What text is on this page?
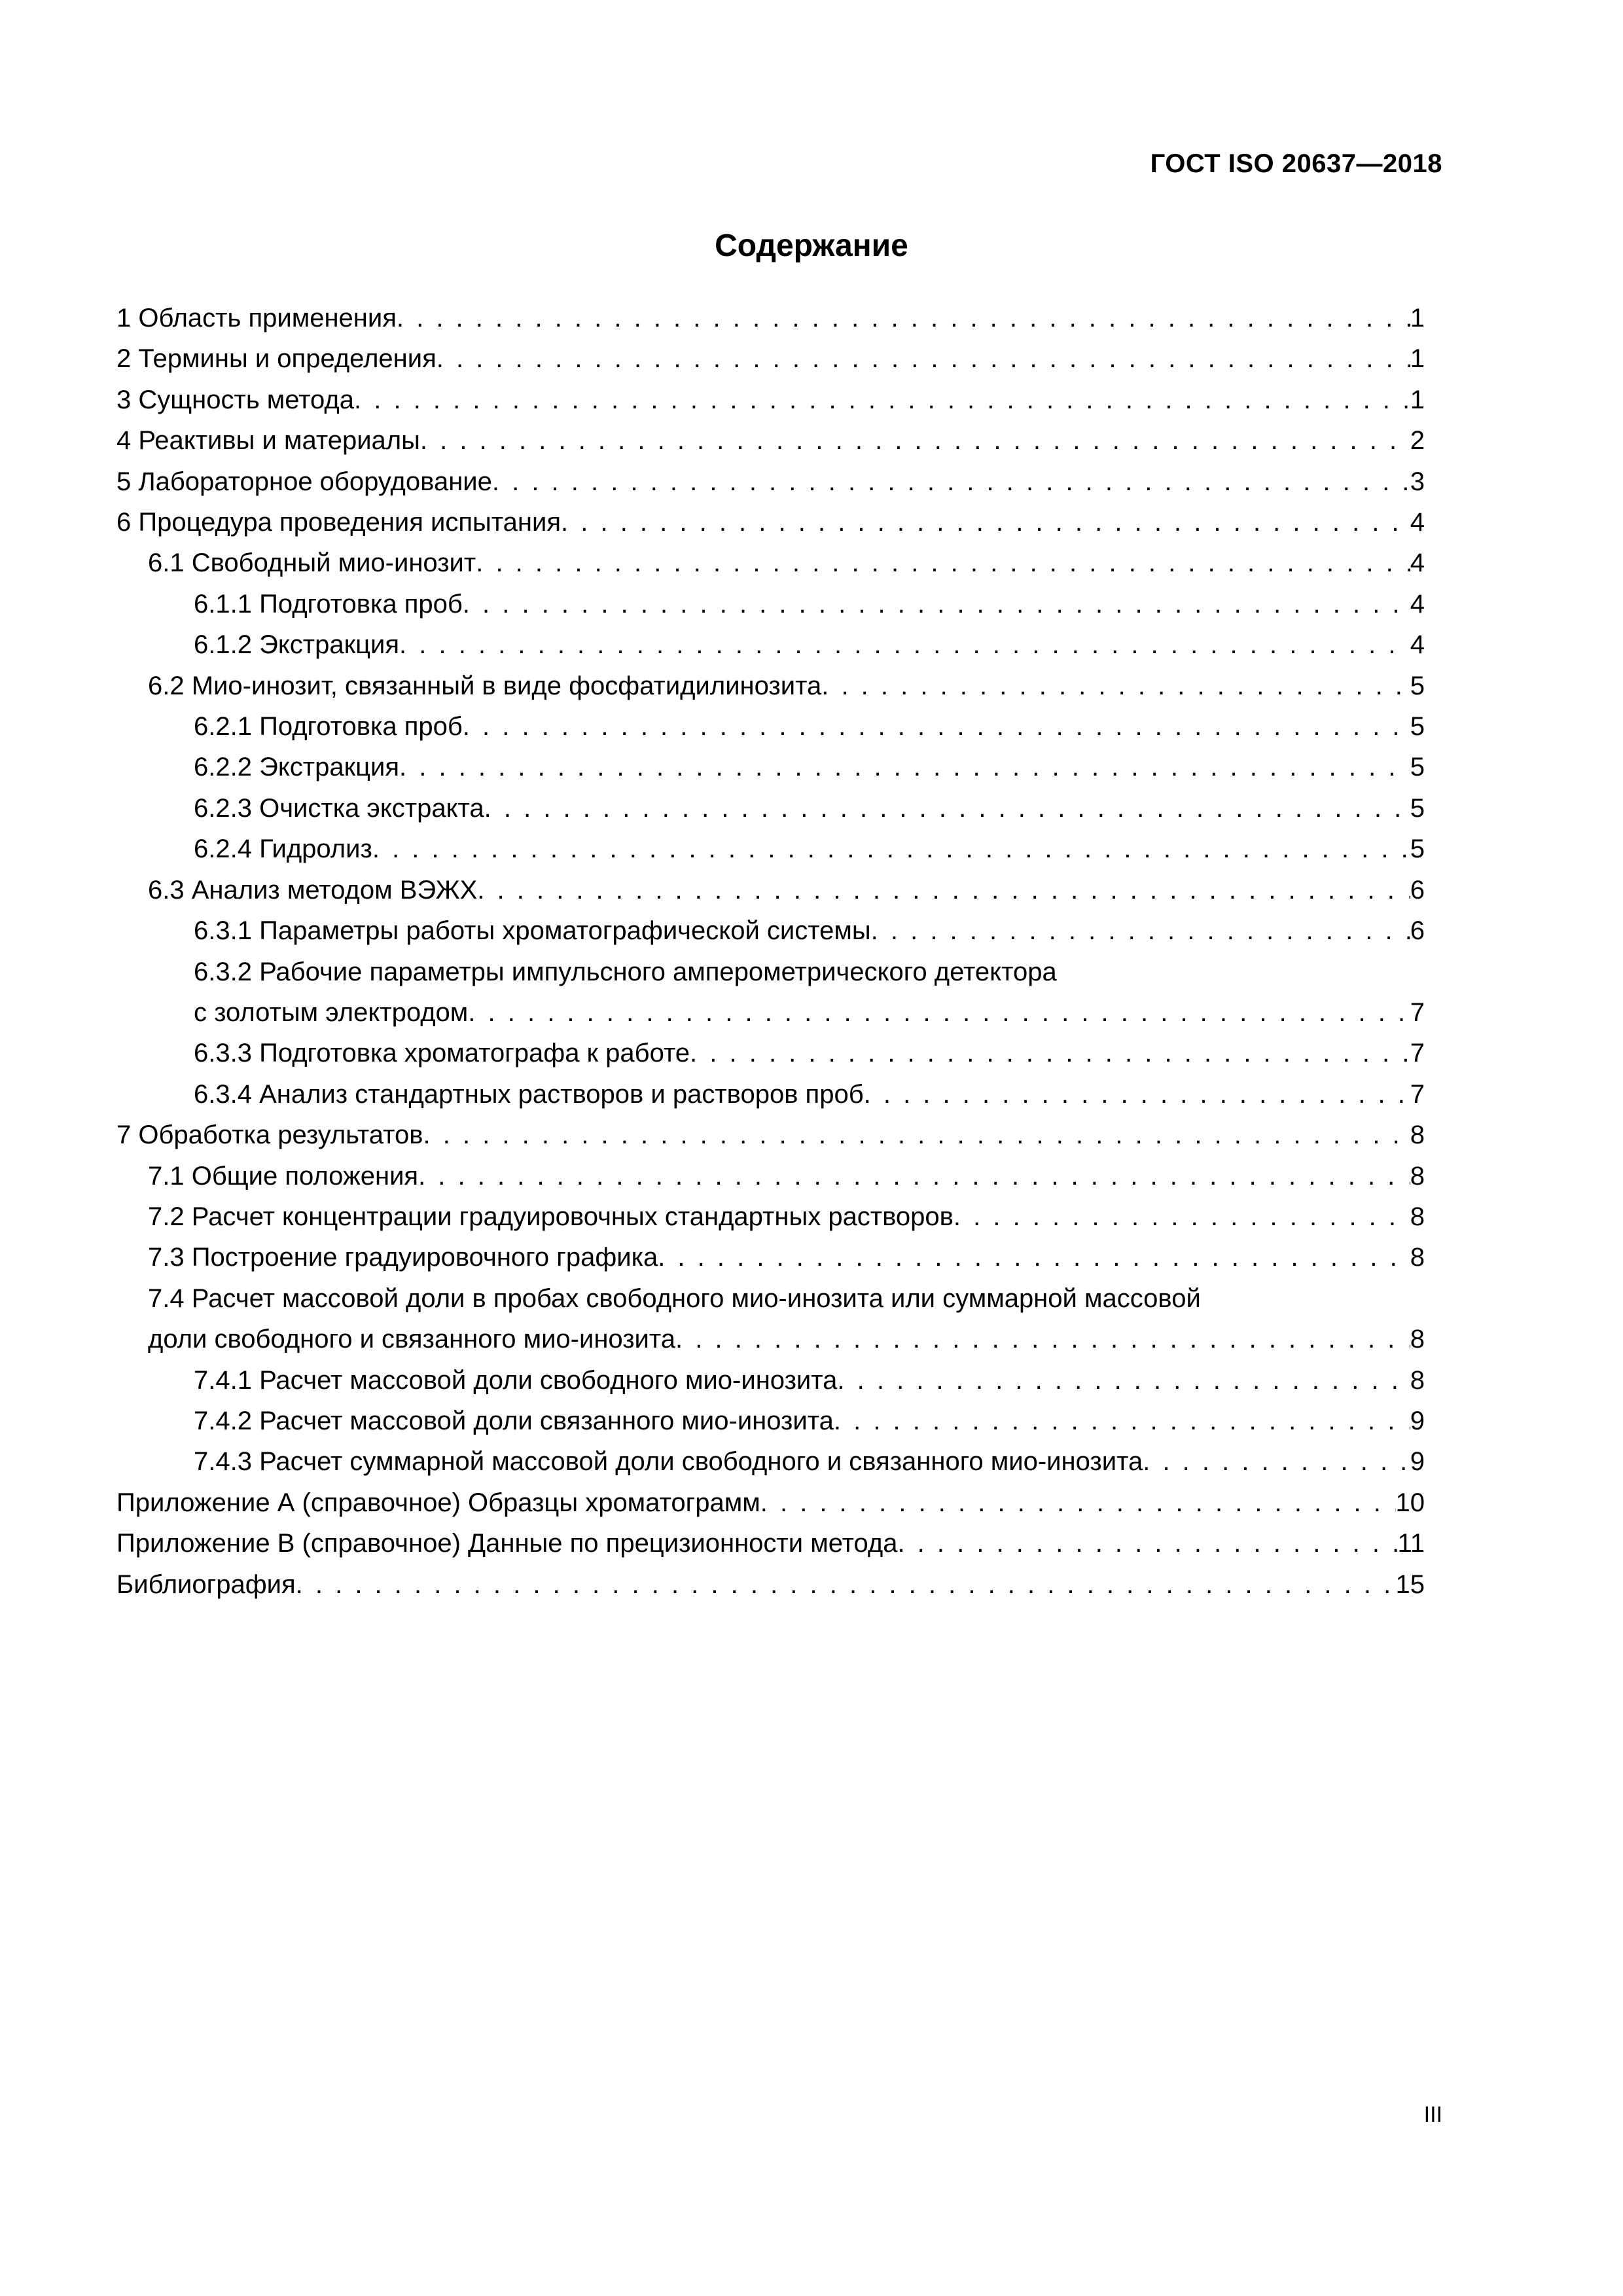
ГОСТ ISO 20637—2018
Содержание
1 Область применения . . .	1
2 Термины и определения . . .	1
3 Сущность метода . . .	1
4 Реактивы и материалы . . .	2
5 Лабораторное оборудование . . .	3
6 Процедура проведения испытания . . .	4
6.1 Свободный мио-инозит . . .	4
6.1.1 Подготовка проб . . .	4
6.1.2 Экстракция . . .	4
6.2 Мио-инозит, связанный в виде фосфатидилинозита . . .	5
6.2.1 Подготовка проб . . .	5
6.2.2 Экстракция . . .	5
6.2.3 Очистка экстракта . . .	5
6.2.4 Гидролиз . . .	5
6.3 Анализ методом ВЭЖХ . . .	6
6.3.1 Параметры работы хроматографической системы . . .	6
6.3.2 Рабочие параметры импульсного амперометрического детектора
с золотым электродом . . .	7
6.3.3 Подготовка хроматографа к работе . . .	7
6.3.4 Анализ стандартных растворов и растворов проб . . .	7
7 Обработка результатов . . .	8
7.1 Общие положения . . .	8
7.2 Расчет концентрации градуировочных стандартных растворов . . .	8
7.3 Построение градуировочного графика . . .	8
7.4 Расчет массовой доли в пробах свободного мио-инозита или суммарной массовой
доли свободного и связанного мио-инозита . . .	8
7.4.1 Расчет массовой доли свободного мио-инозита . . .	8
7.4.2 Расчет массовой доли связанного мио-инозита . . .	9
7.4.3 Расчет суммарной массовой доли свободного и связанного мио-инозита . . .	9
Приложение А (справочное) Образцы хроматограмм . . .	10
Приложение В (справочное) Данные по прецизионности метода . . .	11
Библиография . . .	15
III
